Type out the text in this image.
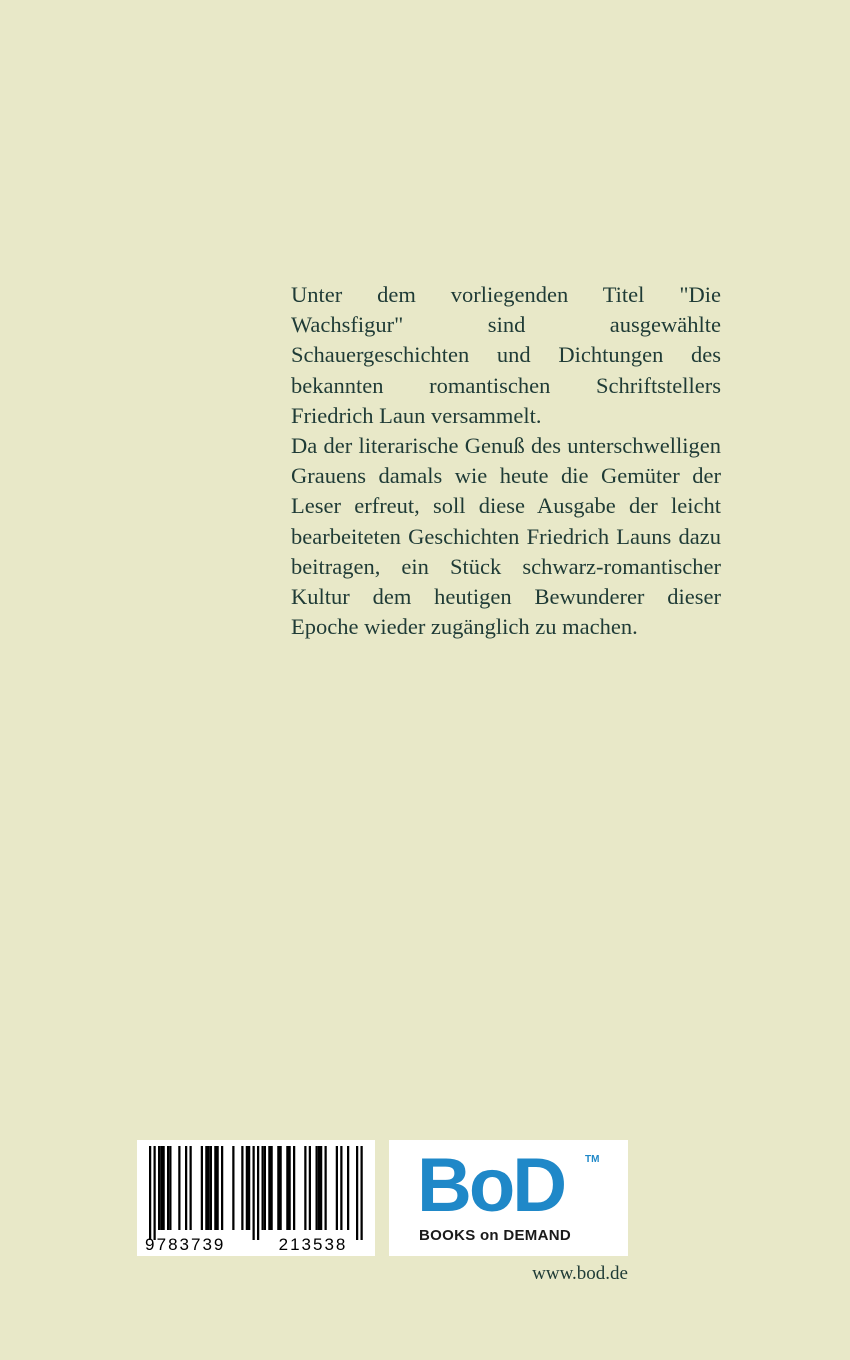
Unter dem vorliegenden Titel "Die Wachsfigur" sind ausgewählte Schauergeschichten und Dichtungen des bekannten romantischen Schriftstellers Friedrich Laun versammelt.

Da der literarische Genuß des unterschwelligen Grauens damals wie heute die Gemüter der Leser erfreut, soll diese Ausgabe der leicht bearbeiteten Geschichten Friedrich Launs dazu beitragen, ein Stück schwarz-romantischer Kultur dem heutigen Bewunderer dieser Epoche wieder zugänglich zu machen.

9 783739	213538
BoD TM
BOOKS on DEMAND
www.bod.de
